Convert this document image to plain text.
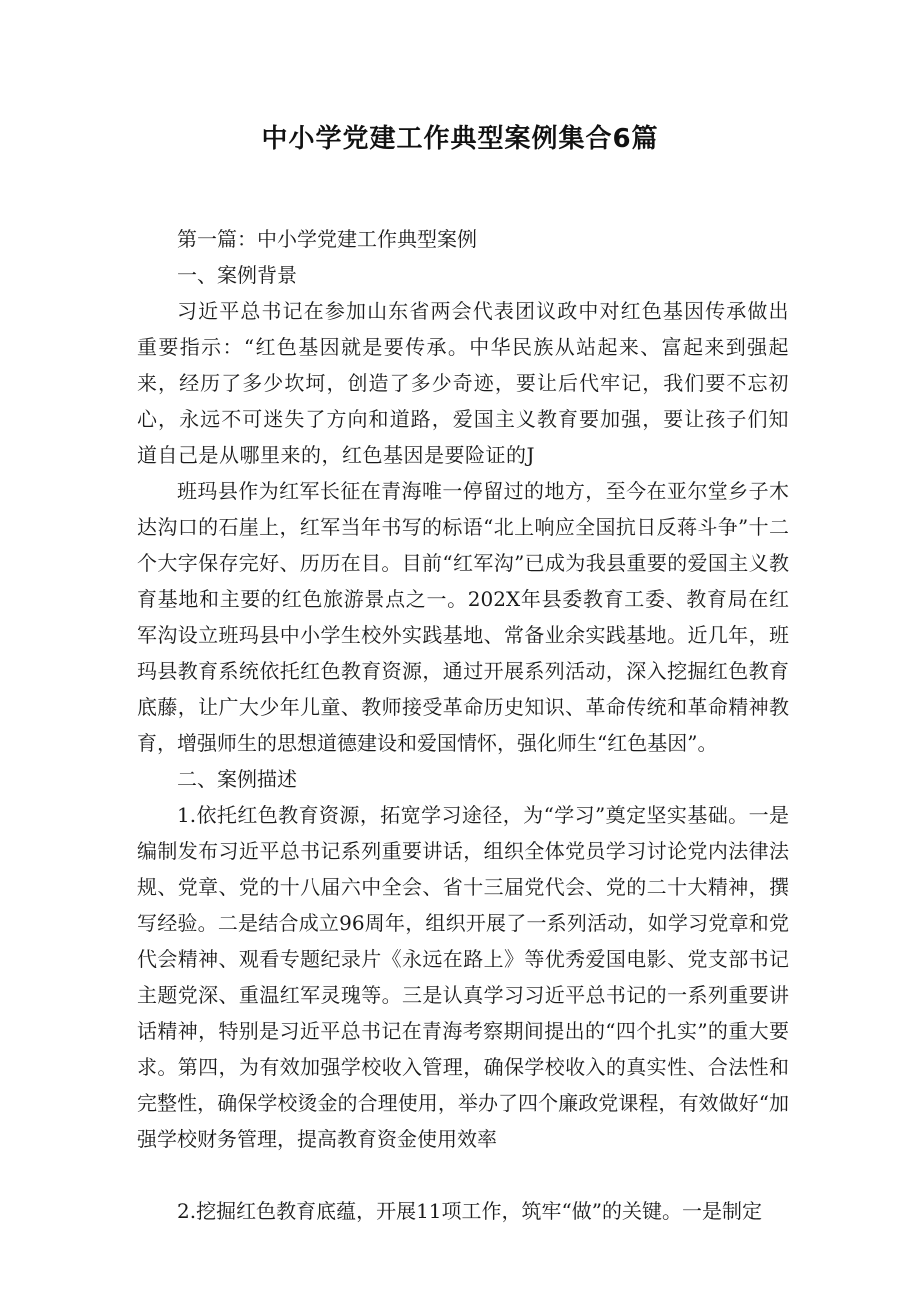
中小学党建工作典型案例集合6篇
第一篇：中小学党建工作典型案例
一、案例背景

习近平总书记在参加山东省两会代表团议政中对红色基因传承做出重要指示：“红色基因就是要传承。中华民族从站起来、富起来到强起来，经历了多少坎坷，创造了多少奇迹，要让后代牢记，我们要不忘初心，永远不可迷失了方向和道路，爱国主义教育要加强，要让孩子们知道自己是从哪里来的，红色基因是要险证的J

班玛县作为红军长征在青海唯一停留过的地方，至今在亚尔堂乡子木达沟口的石崖上，红军当年书写的标语“北上响应全国抗日反蒋斗争”十二个大字保存完好、历历在目。目前“红军沟”已成为我县重要的爱国主义教育基地和主要的红色旅游景点之一。202X年县委教育工委、教育局在红军沟设立班玛县中小学生校外实践基地、常备业余实践基地。近几年，班玛县教育系统依托红色教育资源，通过开展系列活动，深入挖掘红色教育底藤，让广大少年儿童、教师接受革命历史知识、革命传统和革命精神教育，增强师生的思想道德建设和爱国情怀，强化师生“红色基因”。

二、案例描述

1.依托红色教育资源，拓宽学习途径，为“学习”奠定坚实基础。一是编制发布习近平总书记系列重要讲话，组织全体党员学习讨论党内法律法规、党章、党的十八届六中全会、省十三届党代会、党的二十大精神，撰写经验。二是结合成立96周年，组织开展了一系列活动，如学习党章和党代会精神、观看专题纪录片《永远在路上》等优秀爱国电影、党支部书记主题党深、重温红军灵瑰等。三是认真学习习近平总书记的一系列重要讲话精神，特别是习近平总书记在青海考察期间提出的“四个扎实”的重大要求。第四，为有效加强学校收入管理，确保学校收入的真实性、合法性和完整性，确保学校烫金的合理使用，举办了四个廉政党课程，有效做好“加强学校财务管理，提高教育资金使用效率

2.挖掘红色教育底蕴，开展11项工作，筑牢“做”的关键。一是制定
